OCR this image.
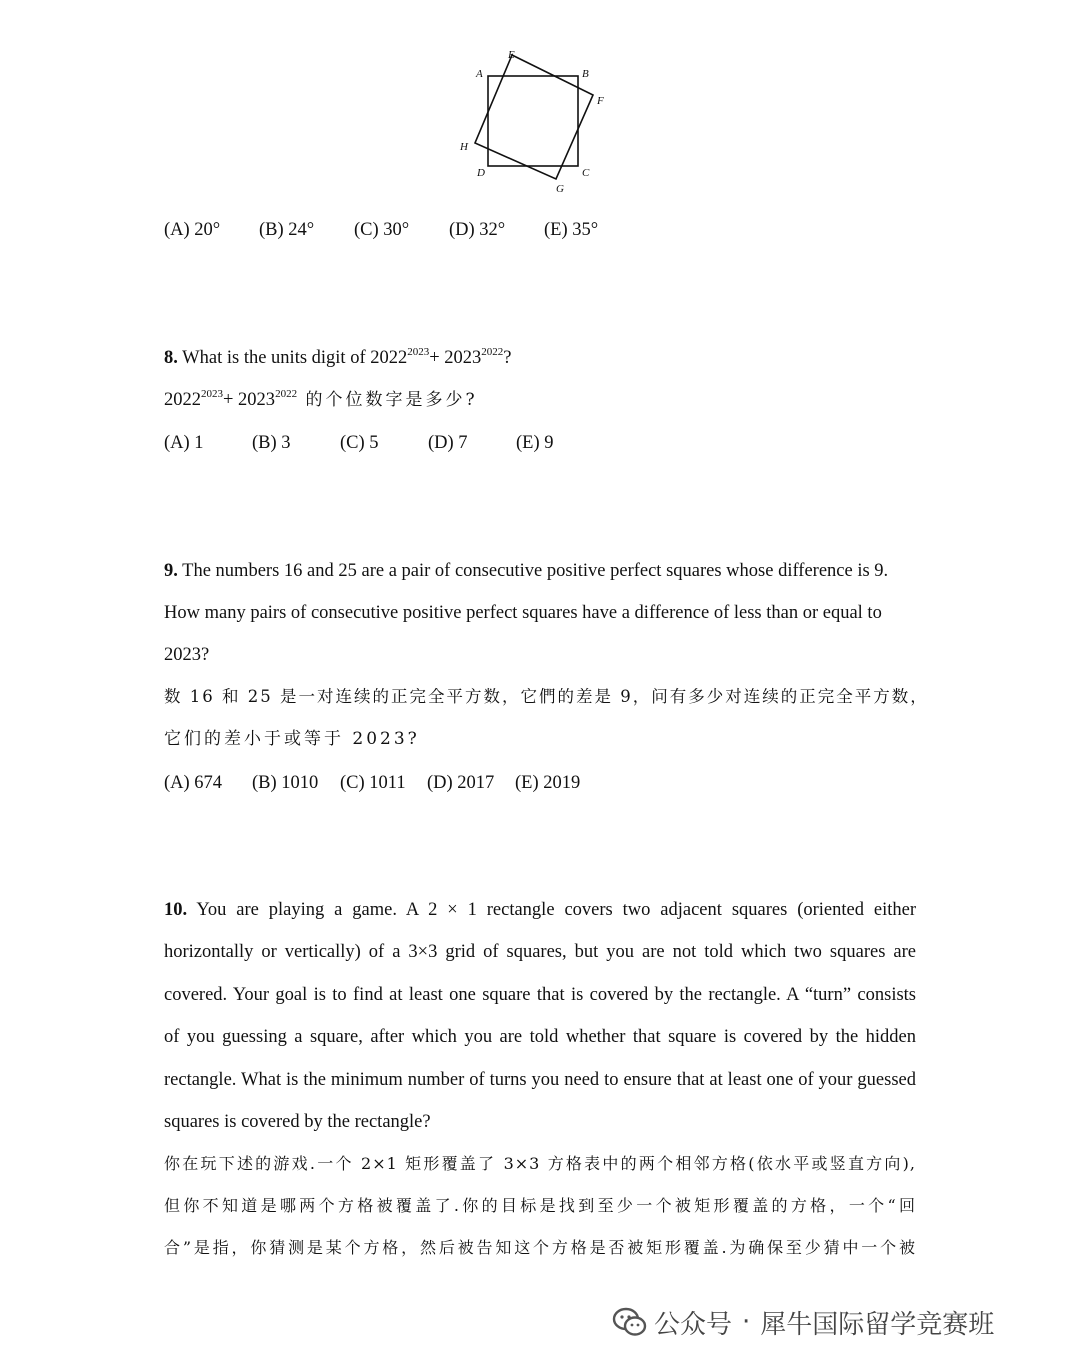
A
E
B
F
H
D	C
G
(A) 20° (B) 24° (C) 30° (D) 32° (E) 35°
8. What is the units digit of $2022^{2023}+ 2023^{2022}$?
$2022^{2023}+ 2023^{2022}$ 的个位数字是多少?
(A) 1	(B) 3	(C) 5	(D) 7	(E) 9
9. The numbers 16 and 25 are a pair of consecutive positive perfect squares whose difference is 9.
How many pairs of consecutive positive perfect squares have a difference of less than or equal to
2023?
数 16 和 25 是一对连续的正完全平方数，它們的差是 9，问有多少对连续的正完全平方数，
它们的差小于或等于 2023?
(A) 674 (B) 1010 (C) 1011 (D) 2017 (E) 2019
10. You are playing a game. A 2 × 1 rectangle covers two adjacent squares (oriented either
horizontally or vertically) of a 3×3 grid of squares, but you are not told which two squares are
covered. Your goal is to find at least one square that is covered by the rectangle. A “turn” consists
of you guessing a square, after which you are told whether that square is covered by the hidden
rectangle. What is the minimum number of turns you need to ensure that at least one of your guessed
squares is covered by the rectangle?
你在玩下述的游戏.一个 2×1 矩形覆盖了 3×3 方格表中的两个相邻方格(依水平或竖直方向),
但你不知道是哪两个方格被覆盖了.你的目标是找到至少一个被矩形覆盖的方格，一个“回
合”是指，你猜测是某个方格，然后被告知这个方格是否被矩形覆盖.为确保至少猜中一个被
公众号 · 犀牛国际留学竞赛班
